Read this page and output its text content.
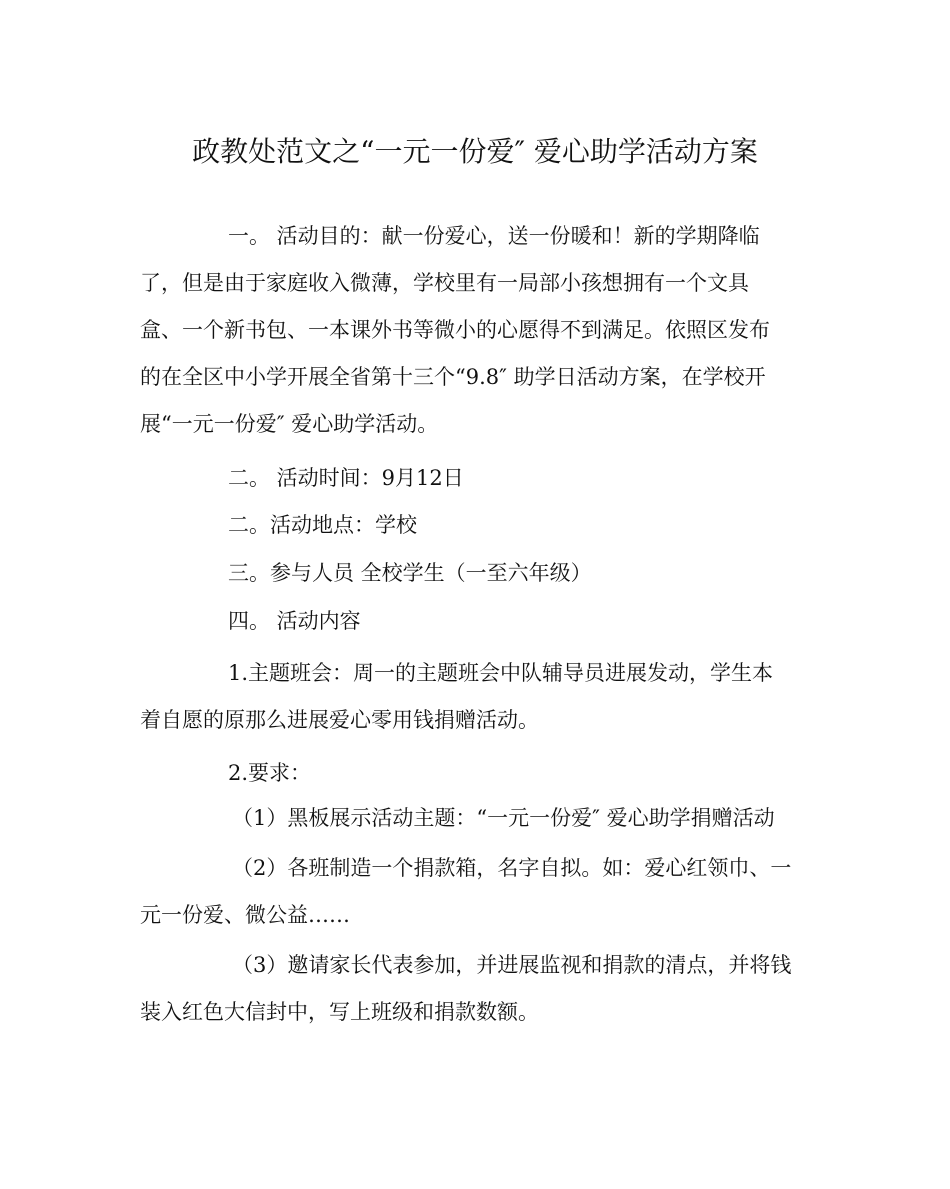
政教处范文之“一元一份爱″ 爱心助学活动方案
一。 活动目的：献一份爱心，送一份暖和！新的学期降临
了，但是由于家庭收入微薄，学校里有一局部小孩想拥有一个文具
盒、一个新书包、一本课外书等微小的心愿得不到满足。依照区发布
的在全区中小学开展全省第十三个“9.8″ 助学日活动方案，在学校开
展“一元一份爱″ 爱心助学活动。
二。 活动时间：9月12日
二。活动地点：学校
三。参与人员 全校学生（一至六年级）
四。 活动内容
1.主题班会：周一的主题班会中队辅导员进展发动，学生本
着自愿的原那么进展爱心零用钱捐赠活动。
2.要求：
（1）黑板展示活动主题：“一元一份爱″ 爱心助学捐赠活动
（2）各班制造一个捐款箱，名字自拟。如：爱心红领巾、一
元一份爱、微公益……
（3）邀请家长代表参加，并进展监视和捐款的清点，并将钱
装入红色大信封中，写上班级和捐款数额。
